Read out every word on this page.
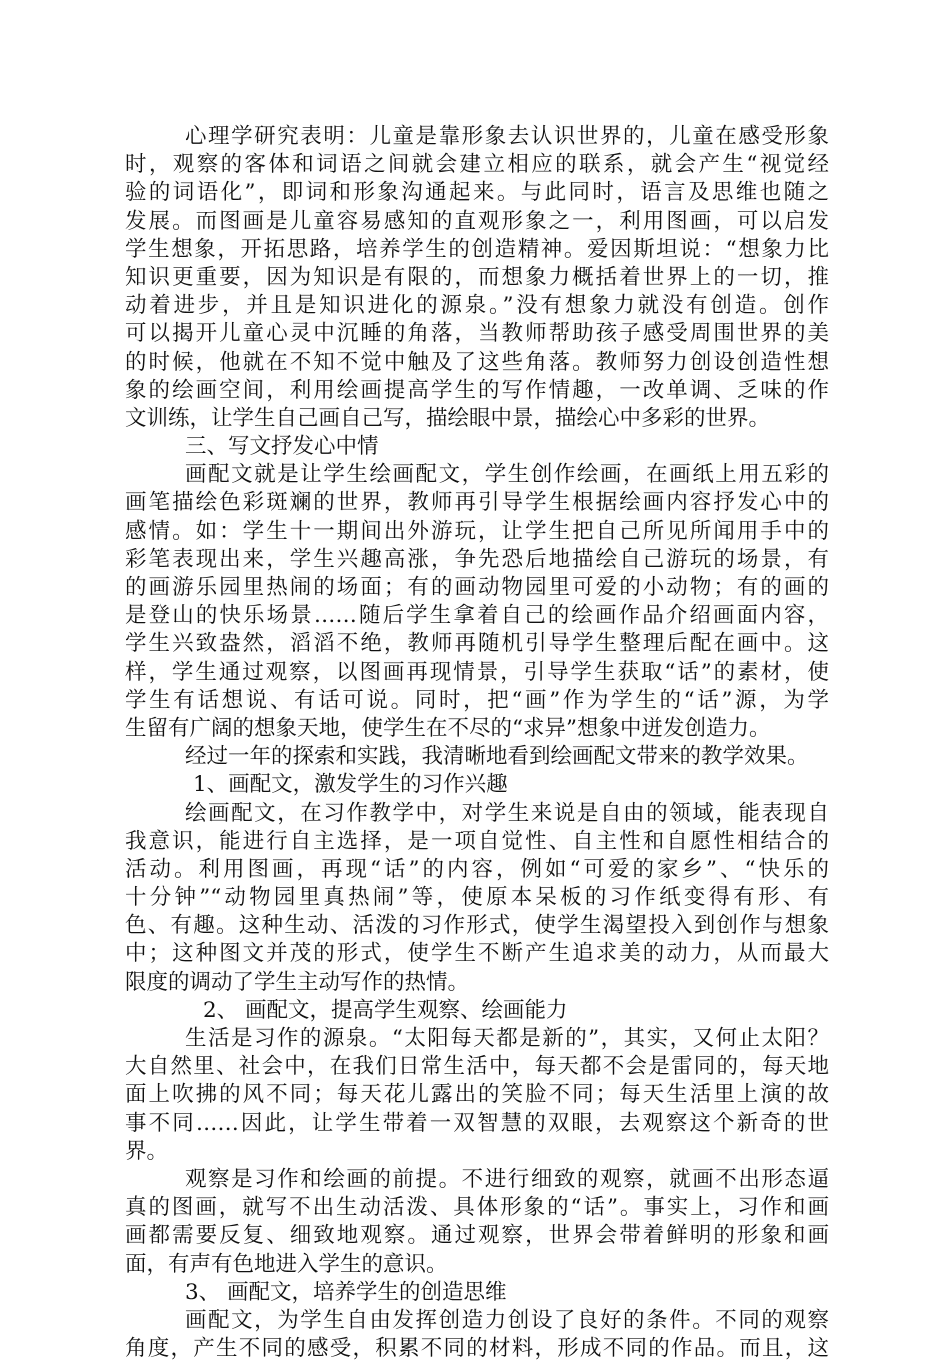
心理学研究表明：儿童是靠形象去认识世界的，儿童在感受形象
时，观察的客体和词语之间就会建立相应的联系，就会产生“视觉经
验的词语化”，即词和形象沟通起来。与此同时，语言及思维也随之
发展。而图画是儿童容易感知的直观形象之一，利用图画，可以启发
学生想象，开拓思路，培养学生的创造精神。爱因斯坦说：“想象力比
知识更重要，因为知识是有限的，而想象力概括着世界上的一切，推
动着进步，并且是知识进化的源泉。”没有想象力就没有创造。创作
可以揭开儿童心灵中沉睡的角落，当教师帮助孩子感受周围世界的美
的时候，他就在不知不觉中触及了这些角落。教师努力创设创造性想
象的绘画空间，利用绘画提高学生的写作情趣，一改单调、乏味的作
文训练，让学生自己画自己写，描绘眼中景，描绘心中多彩的世界。
三、写文抒发心中情
画配文就是让学生绘画配文，学生创作绘画，在画纸上用五彩的
画笔描绘色彩斑斓的世界，教师再引导学生根据绘画内容抒发心中的
感情。如：学生十一期间出外游玩，让学生把自己所见所闻用手中的
彩笔表现出来，学生兴趣高涨，争先恐后地描绘自己游玩的场景，有
的画游乐园里热闹的场面；有的画动物园里可爱的小动物；有的画的
是登山的快乐场景……随后学生拿着自己的绘画作品介绍画面内容，
学生兴致盎然，滔滔不绝，教师再随机引导学生整理后配在画中。这
样，学生通过观察，以图画再现情景，引导学生获取“话”的素材，使
学生有话想说、有话可说。同时，把“画”作为学生的“话”源，为学
生留有广阔的想象天地，使学生在不尽的“求异”想象中迸发创造力。
经过一年的探索和实践，我清晰地看到绘画配文带来的教学效果。
1、画配文，激发学生的习作兴趣
绘画配文，在习作教学中，对学生来说是自由的领域，能表现自
我意识，能进行自主选择，是一项自觉性、自主性和自愿性相结合的
活动。利用图画，再现“话”的内容，例如“可爱的家乡”、“快乐的
十分钟”“动物园里真热闹”等，使原本呆板的习作纸变得有形、有
色、有趣。这种生动、活泼的习作形式，使学生渴望投入到创作与想象
中；这种图文并茂的形式，使学生不断产生追求美的动力，从而最大
限度的调动了学生主动写作的热情。
2、 画配文，提高学生观察、绘画能力
生活是习作的源泉。“太阳每天都是新的”，其实，又何止太阳？
大自然里、社会中，在我们日常生活中，每天都不会是雷同的，每天地
面上吹拂的风不同；每天花儿露出的笑脸不同；每天生活里上演的故
事不同……因此，让学生带着一双智慧的双眼，去观察这个新奇的世
界。
观察是习作和绘画的前提。不进行细致的观察，就画不出形态逼
真的图画，就写不出生动活泼、具体形象的“话”。事实上，习作和画
画都需要反复、细致地观察。通过观察，世界会带着鲜明的形象和画
面，有声有色地进入学生的意识。
3、 画配文，培养学生的创造思维
画配文，为学生自由发挥创造力创设了良好的条件。不同的观察
角度，产生不同的感受，积累不同的材料，形成不同的作品。而且，这
